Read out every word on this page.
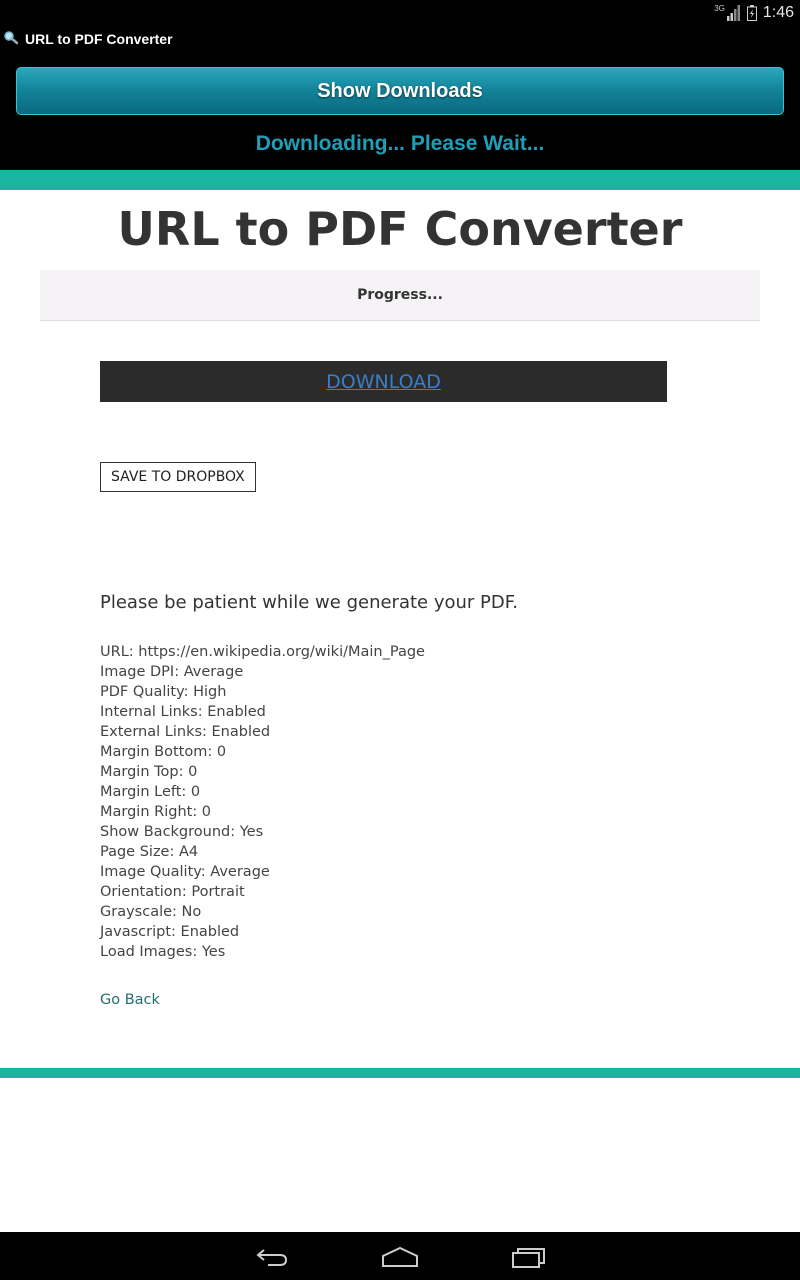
3G 1:46
URL to PDF Converter
Show Downloads
Downloading... Please Wait...
URL to PDF Converter
Progress...
DOWNLOAD
SAVE TO DROPBOX
Please be patient while we generate your PDF.
URL: https://en.wikipedia.org/wiki/Main_Page
Image DPI: Average
PDF Quality: High
Internal Links: Enabled
External Links: Enabled
Margin Bottom: 0
Margin Top: 0
Margin Left: 0
Margin Right: 0
Show Background: Yes
Page Size: A4
Image Quality: Average
Orientation: Portrait
Grayscale: No
Javascript: Enabled
Load Images: Yes
Go Back
